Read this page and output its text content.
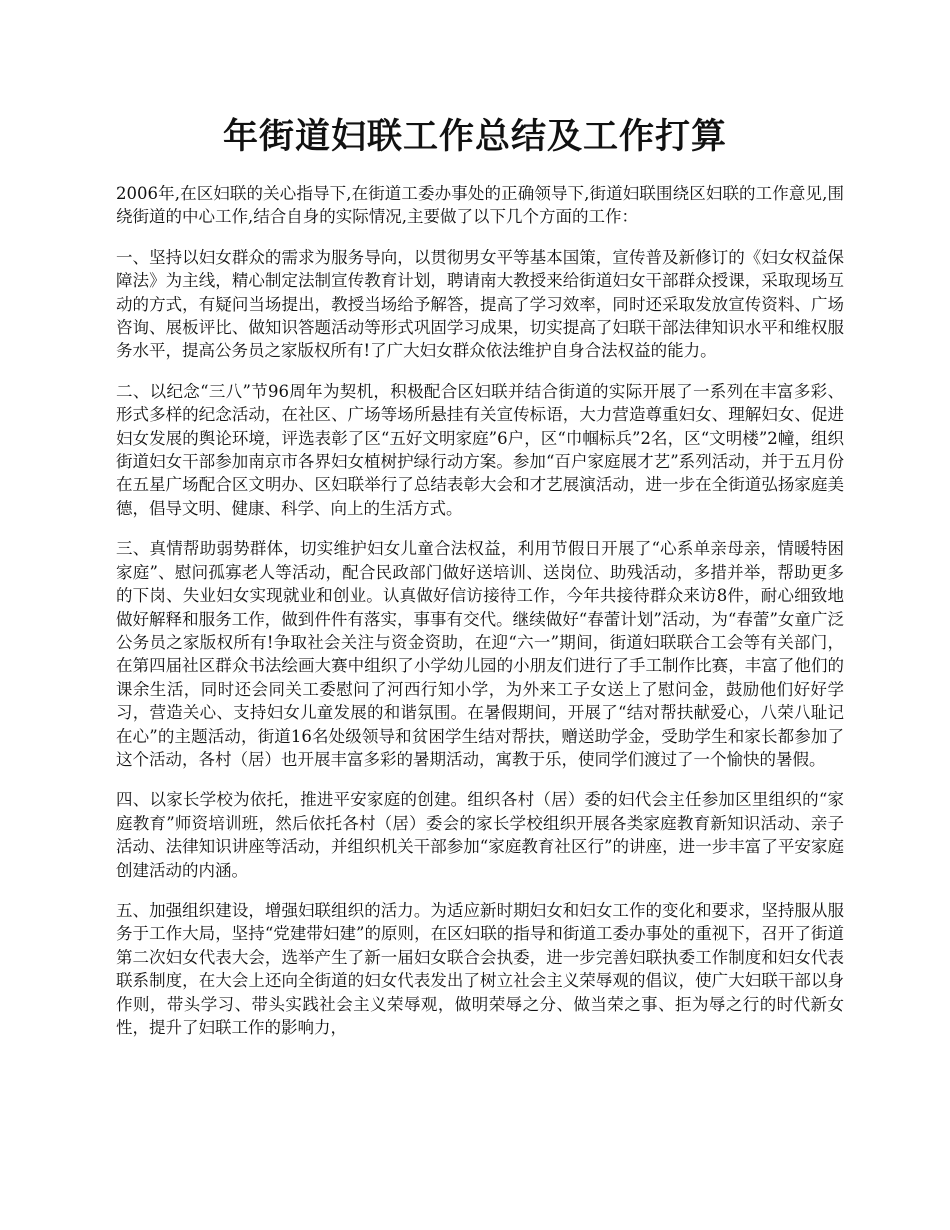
年街道妇联工作总结及工作打算

2006年,在区妇联的关心指导下,在街道工委办事处的正确领导下,街道妇联围绕区妇联的工作意见,围绕街道的中心工作,结合自身的实际情况,主要做了以下几个方面的工作：

一、坚持以妇女群众的需求为服务导向，以贯彻男女平等基本国策，宣传普及新修订的《妇女权益保障法》为主线，精心制定法制宣传教育计划，聘请南大教授来给街道妇女干部群众授课，采取现场互动的方式，有疑问当场提出，教授当场给予解答，提高了学习效率，同时还采取发放宣传资料、广场咨询、展板评比、做知识答题活动等形式巩固学习成果，切实提高了妇联干部法律知识水平和维权服务水平，提高公务员之家版权所有!了广大妇女群众依法维护自身合法权益的能力。

二、以纪念“三八”节96周年为契机，积极配合区妇联并结合街道的实际开展了一系列在丰富多彩、形式多样的纪念活动，在社区、广场等场所悬挂有关宣传标语，大力营造尊重妇女、理解妇女、促进妇女发展的舆论环境，评选表彰了区“五好文明家庭”6户，区“巾帼标兵”2名，区“文明楼”2幢，组织街道妇女干部参加南京市各界妇女植树护绿行动方案。参加“百户家庭展才艺”系列活动，并于五月份在五星广场配合区文明办、区妇联举行了总结表彰大会和才艺展演活动，进一步在全街道弘扬家庭美德，倡导文明、健康、科学、向上的生活方式。

三、真情帮助弱势群体，切实维护妇女儿童合法权益，利用节假日开展了“心系单亲母亲，情暖特困家庭”、慰问孤寡老人等活动，配合民政部门做好送培训、送岗位、助残活动，多措并举，帮助更多的下岗、失业妇女实现就业和创业。认真做好信访接待工作，今年共接待群众来访8件，耐心细致地做好解释和服务工作，做到件件有落实，事事有交代。继续做好“春蕾计划”活动，为“春蕾”女童广泛公务员之家版权所有!争取社会关注与资金资助，在迎“六一”期间，街道妇联联合工会等有关部门，在第四届社区群众书法绘画大赛中组织了小学幼儿园的小朋友们进行了手工制作比赛，丰富了他们的课余生活，同时还会同关工委慰问了河西行知小学，为外来工子女送上了慰问金，鼓励他们好好学习，营造关心、支持妇女儿童发展的和谐氛围。在暑假期间，开展了“结对帮扶献爱心，八荣八耻记在心”的主题活动，街道16名处级领导和贫困学生结对帮扶，赠送助学金，受助学生和家长都参加了这个活动，各村（居）也开展丰富多彩的暑期活动，寓教于乐，使同学们渡过了一个愉快的暑假。

四、以家长学校为依托，推进平安家庭的创建。组织各村（居）委的妇代会主任参加区里组织的“家庭教育”师资培训班，然后依托各村（居）委会的家长学校组织开展各类家庭教育新知识活动、亲子活动、法律知识讲座等活动，并组织机关干部参加“家庭教育社区行”的讲座，进一步丰富了平安家庭创建活动的内涵。

五、加强组织建设，增强妇联组织的活力。为适应新时期妇女和妇女工作的变化和要求，坚持服从服务于工作大局，坚持“党建带妇建”的原则，在区妇联的指导和街道工委办事处的重视下，召开了街道第二次妇女代表大会，选举产生了新一届妇女联合会执委，进一步完善妇联执委工作制度和妇女代表联系制度，在大会上还向全街道的妇女代表发出了树立社会主义荣辱观的倡议，使广大妇联干部以身作则，带头学习、带头实践社会主义荣辱观，做明荣辱之分、做当荣之事、拒为辱之行的时代新女性，提升了妇联工作的影响力，
